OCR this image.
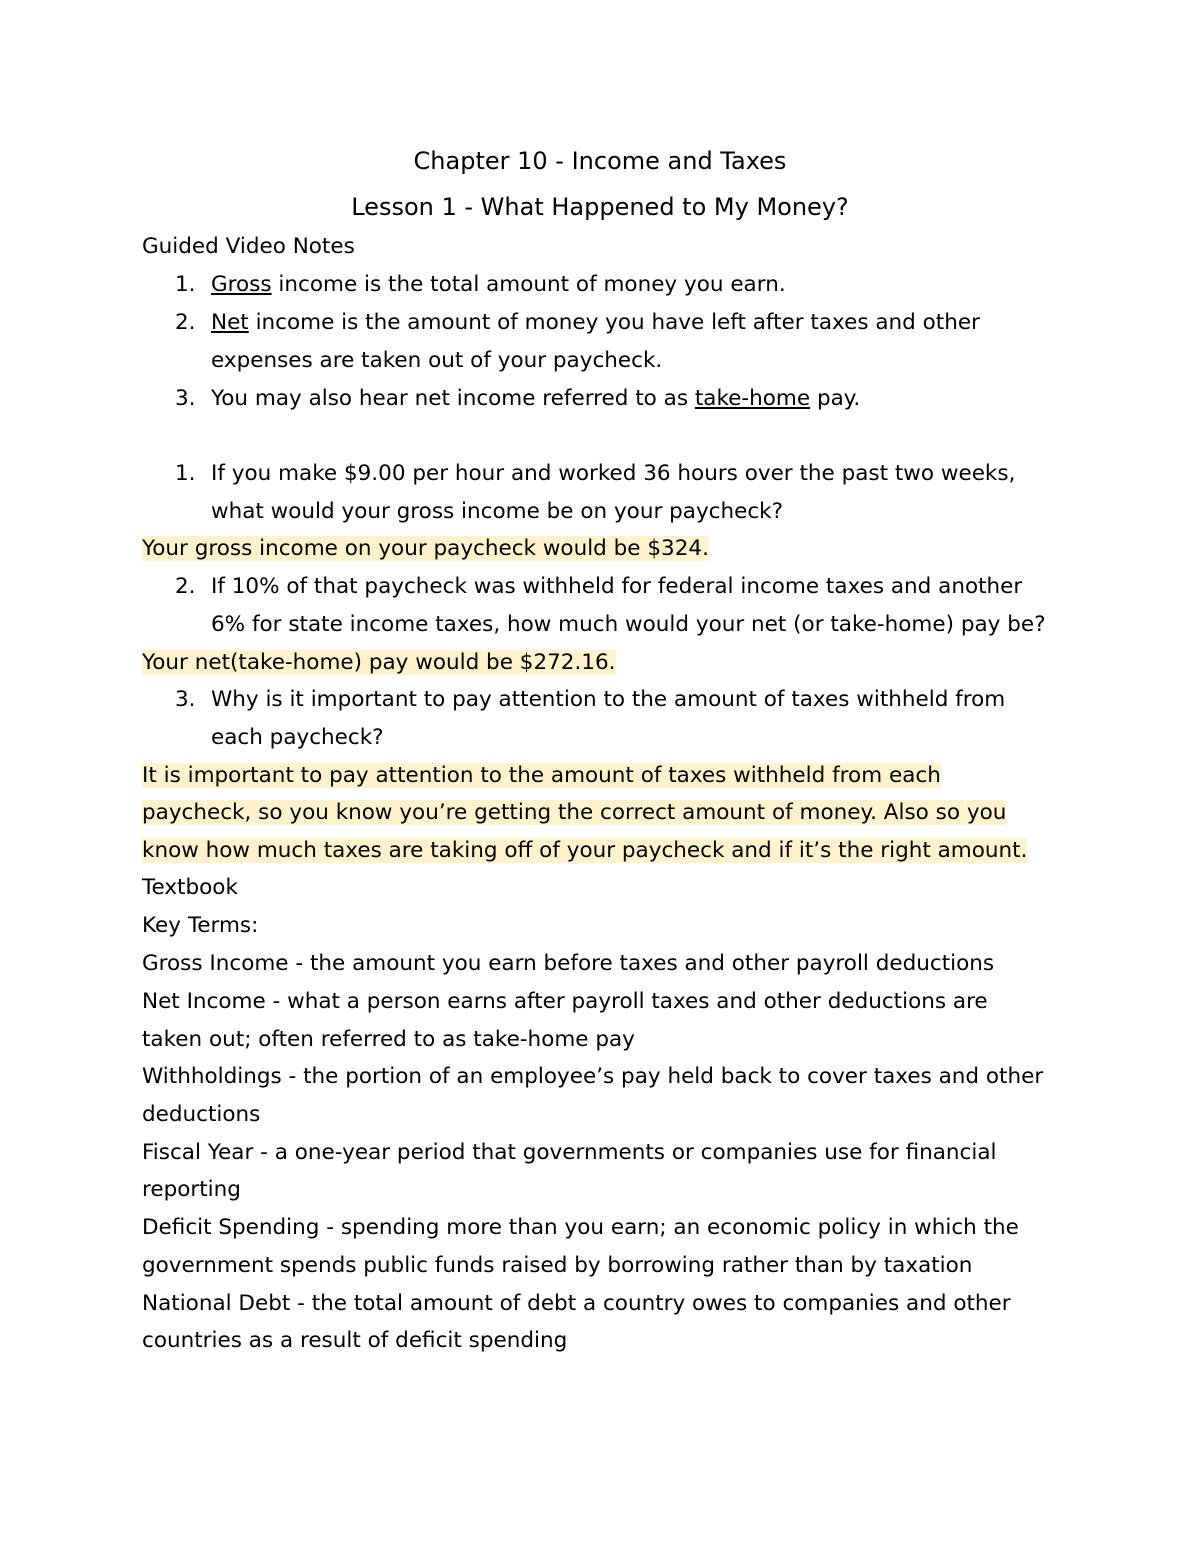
Chapter 10 - Income and Taxes
Lesson 1 - What Happened to My Money?
Guided Video Notes
1. Gross income is the total amount of money you earn.
2. Net income is the amount of money you have left after taxes and other
expenses are taken out of your paycheck.
3. You may also hear net income referred to as take-home pay.
1. If you make $9.00 per hour and worked 36 hours over the past two weeks,
what would your gross income be on your paycheck?
Your gross income on your paycheck would be $324.
2. If 10% of that paycheck was withheld for federal income taxes and another
6% for state income taxes, how much would your net (or take-home) pay be?
Your net(take-home) pay would be $272.16.
3. Why is it important to pay attention to the amount of taxes withheld from
each paycheck?
It is important to pay attention to the amount of taxes withheld from each
paycheck, so you know you’re getting the correct amount of money. Also so you
know how much taxes are taking off of your paycheck and if it’s the right amount.
Textbook
Key Terms:
Gross Income - the amount you earn before taxes and other payroll deductions
Net Income - what a person earns after payroll taxes and other deductions are
taken out; often referred to as take-home pay
Withholdings - the portion of an employee’s pay held back to cover taxes and other
deductions
Fiscal Year - a one-year period that governments or companies use for financial
reporting
Deficit Spending - spending more than you earn; an economic policy in which the
government spends public funds raised by borrowing rather than by taxation
National Debt - the total amount of debt a country owes to companies and other
countries as a result of deficit spending
